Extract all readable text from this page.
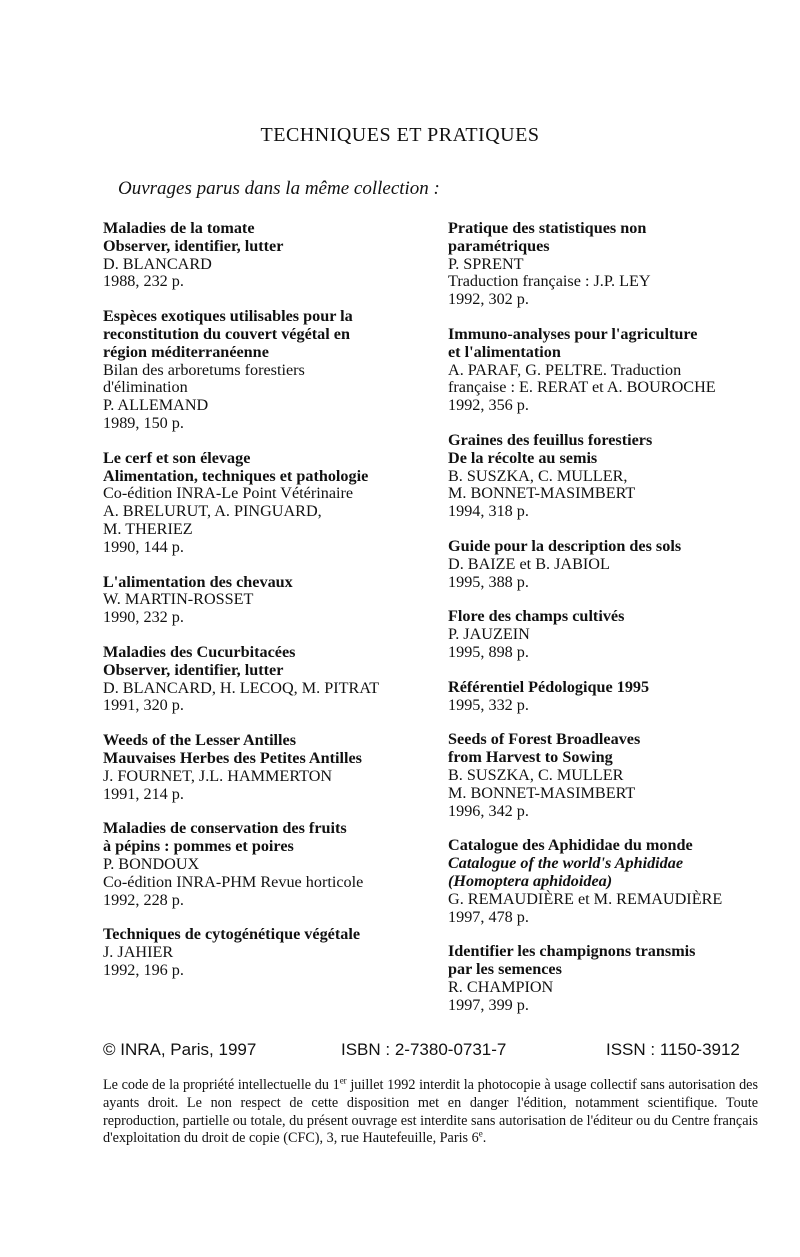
TECHNIQUES ET PRATIQUES
Ouvrages parus dans la même collection :
Maladies de la tomate
Observer, identifier, lutter
D. BLANCARD
1988, 232 p.
Espèces exotiques utilisables pour la
reconstitution du couvert végétal en
région méditerranéenne
Bilan des arboretums forestiers
d'élimination
P. ALLEMAND
1989, 150 p.
Le cerf et son élevage
Alimentation, techniques et pathologie
Co-édition INRA-Le Point Vétérinaire
A. BRELURUT, A. PINGUARD,
M. THERIEZ
1990, 144 p.
L'alimentation des chevaux
W. MARTIN-ROSSET
1990, 232 p.
Maladies des Cucurbitacées
Observer, identifier, lutter
D. BLANCARD, H. LECOQ, M. PITRAT
1991, 320 p.
Weeds of the Lesser Antilles
Mauvaises Herbes des Petites Antilles
J. FOURNET, J.L. HAMMERTON
1991, 214 p.
Maladies de conservation des fruits
à pépins : pommes et poires
P. BONDOUX
Co-édition INRA-PHM Revue horticole
1992, 228 p.
Techniques de cytogénétique végétale
J. JAHIER
1992, 196 p.
Pratique des statistiques non
paramétriques
P. SPRENT
Traduction française : J.P. LEY
1992, 302 p.
Immuno-analyses pour l'agriculture
et l'alimentation
A. PARAF, G. PELTRE. Traduction
française : E. RERAT et A. BOUROCHE
1992, 356 p.
Graines des feuillus forestiers
De la récolte au semis
B. SUSZKA, C. MULLER,
M. BONNET-MASIMBERT
1994, 318 p.
Guide pour la description des sols
D. BAIZE et B. JABIOL
1995, 388 p.
Flore des champs cultivés
P. JAUZEIN
1995, 898 p.
Référentiel Pédologique 1995
1995, 332 p.
Seeds of Forest Broadleaves
from Harvest to Sowing
B. SUSZKA, C. MULLER
M. BONNET-MASIMBERT
1996, 342 p.
Catalogue des Aphididae du monde
Catalogue of the world's Aphididae
(Homoptera aphidoidea)
G. REMAUDIÈRE et M. REMAUDIÈRE
1997, 478 p.
Identifier les champignons transmis
par les semences
R. CHAMPION
1997, 399 p.
© INRA, Paris, 1997	ISBN : 2-7380-0731-7	ISSN : 1150-3912
Le code de la propriété intellectuelle du 1er juillet 1992 interdit la photocopie à usage collectif sans autorisation des ayants droit. Le non respect de cette disposition met en danger l'édition, notamment scientifique. Toute reproduction, partielle ou totale, du présent ouvrage est interdite sans autorisation de l'éditeur ou du Centre français d'exploitation du droit de copie (CFC), 3, rue Hautefeuille, Paris 6e.
